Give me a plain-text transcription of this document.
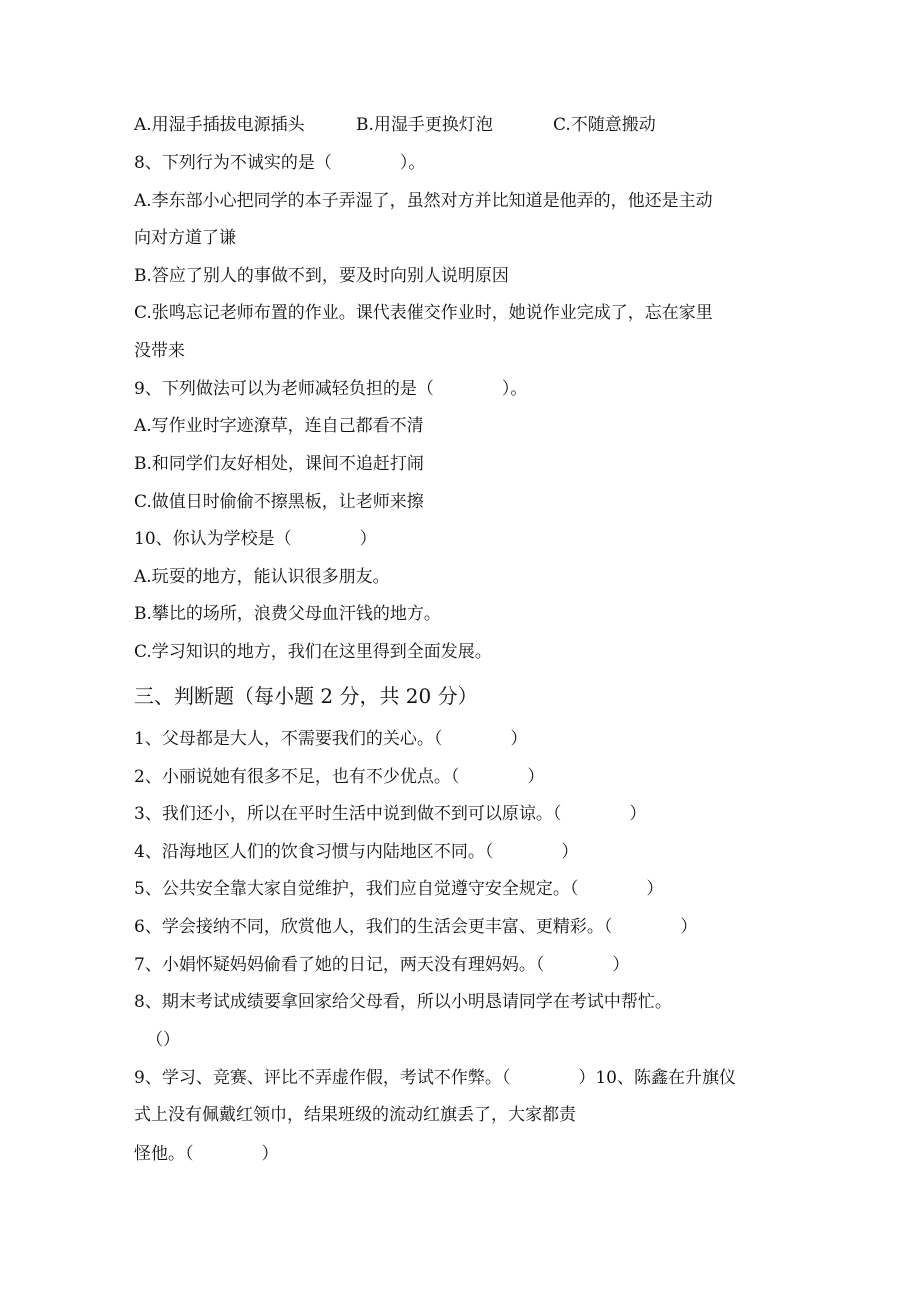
A.用湿手插拔电源插头	B.用湿手更换灯泡	C.不随意搬动
8、下列行为不诚实的是（　　　　）。
A.李东部小心把同学的本子弄湿了，虽然对方并比知道是他弄的，他还是主动
向对方道了谦
B.答应了别人的事做不到，要及时向别人说明原因
C.张鸣忘记老师布置的作业。课代表催交作业时，她说作业完成了，忘在家里
没带来
9、下列做法可以为老师减轻负担的是（　　　　）。
A.写作业时字迹潦草，连自己都看不清
B.和同学们友好相处，课间不追赶打闹
C.做值日时偷偷不擦黑板，让老师来擦
10、你认为学校是（　　　　）
A.玩耍的地方，能认识很多朋友。
B.攀比的场所，浪费父母血汗钱的地方。
C.学习知识的地方，我们在这里得到全面发展。
三、判断题（每小题 2 分，共 20 分）
1、父母都是大人，不需要我们的关心。（　　　　）
2、小丽说她有很多不足，也有不少优点。（　　　　）
3、我们还小，所以在平时生活中说到做不到可以原谅。（　　　　）
4、沿海地区人们的饮食习惯与内陆地区不同。（　　　　）
5、公共安全靠大家自觉维护，我们应自觉遵守安全规定。（　　　　）
6、学会接纳不同，欣赏他人，我们的生活会更丰富、更精彩。（　　　　）
7、小娟怀疑妈妈偷看了她的日记，两天没有理妈妈。（　　　　）
8、期末考试成绩要拿回家给父母看，所以小明恳请同学在考试中帮忙。
（）
9、学习、竞赛、评比不弄虚作假，考试不作弊。（　　　　）10、陈鑫在升旗仪
式上没有佩戴红领巾，结果班级的流动红旗丢了，大家都责
怪他。（　　　　）
